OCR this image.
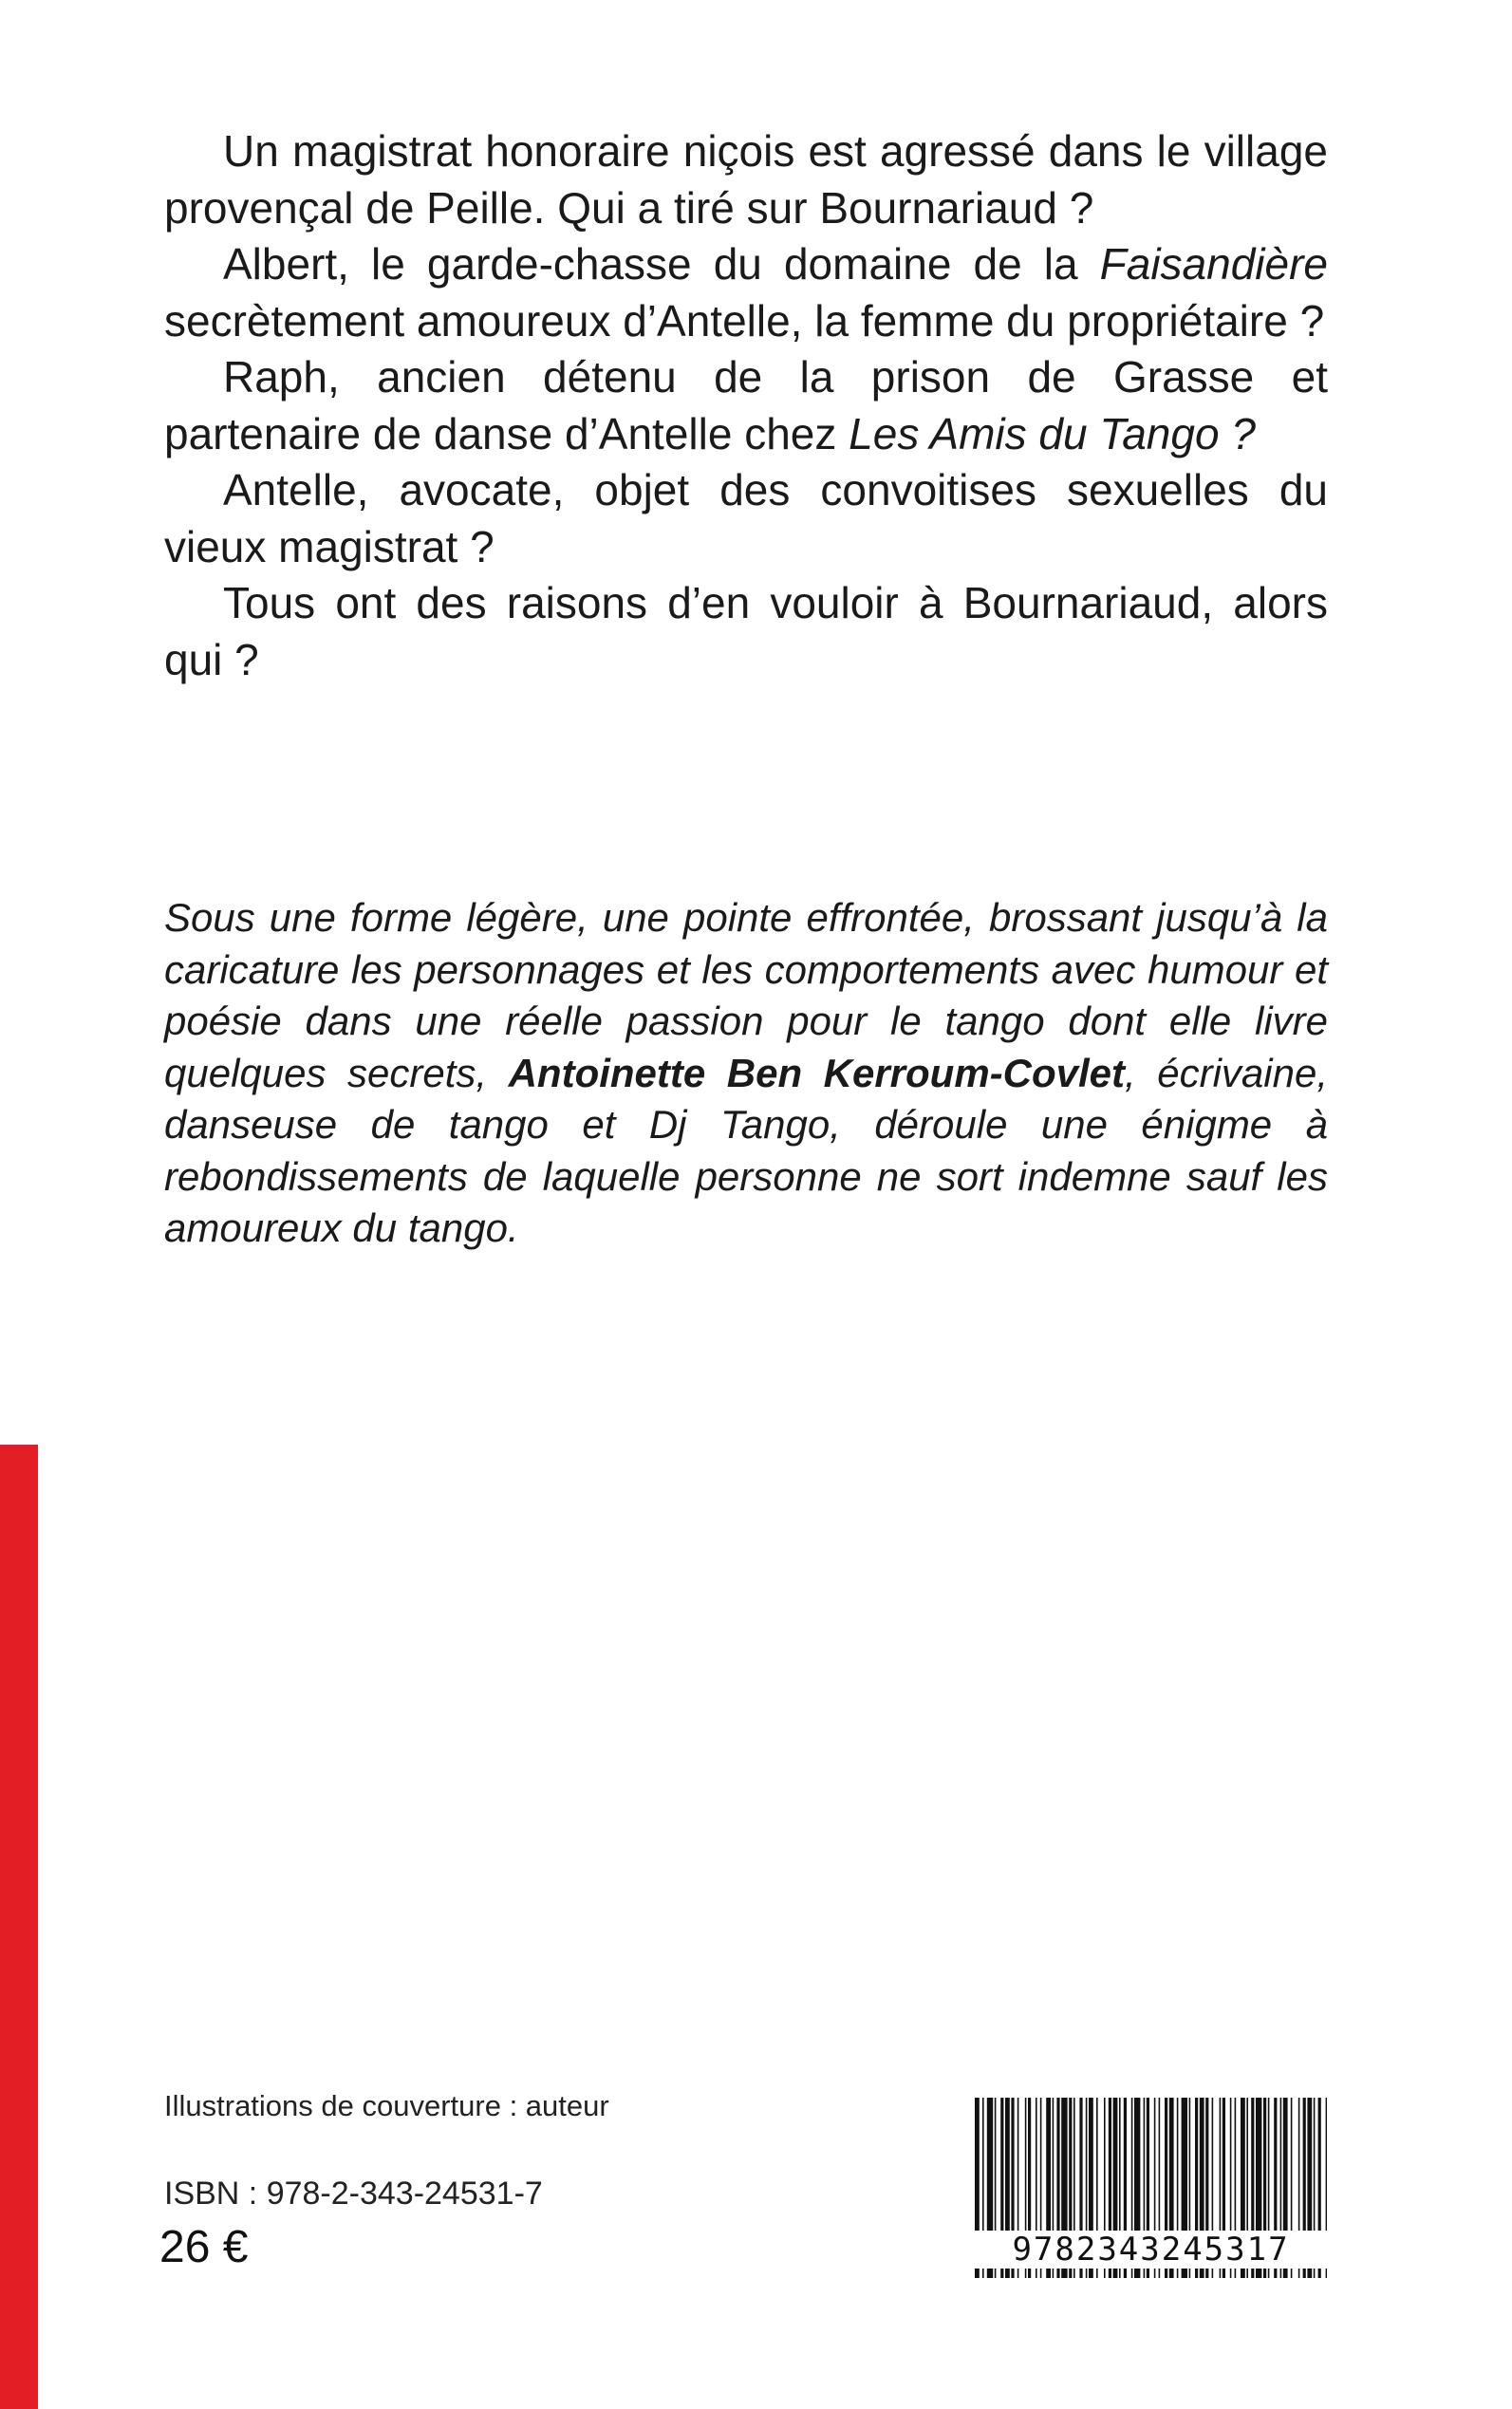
Un magistrat honoraire niçois est agressé dans le village provençal de Peille. Qui a tiré sur Bournariaud ?

Albert, le garde-chasse du domaine de la Faisandière secrètement amoureux d’Antelle, la femme du propriétaire ?

Raph, ancien détenu de la prison de Grasse et partenaire de danse d’Antelle chez Les Amis du Tango ?

Antelle, avocate, objet des convoitises sexuelles du vieux magistrat ?

Tous ont des raisons d’en vouloir à Bournariaud, alors qui ?

Sous une forme légère, une pointe effrontée, brossant jusqu’à la caricature les personnages et les comportements avec humour et poésie dans une réelle passion pour le tango dont elle livre quelques secrets, Antoinette Ben Kerroum-Covlet, écrivaine, danseuse de tango et Dj Tango, déroule une énigme à rebondissements de laquelle personne ne sort indemne sauf les amoureux du tango.

Illustrations de couverture : auteur
ISBN : 978-2-343-24531-7
26 €	9782343245317
